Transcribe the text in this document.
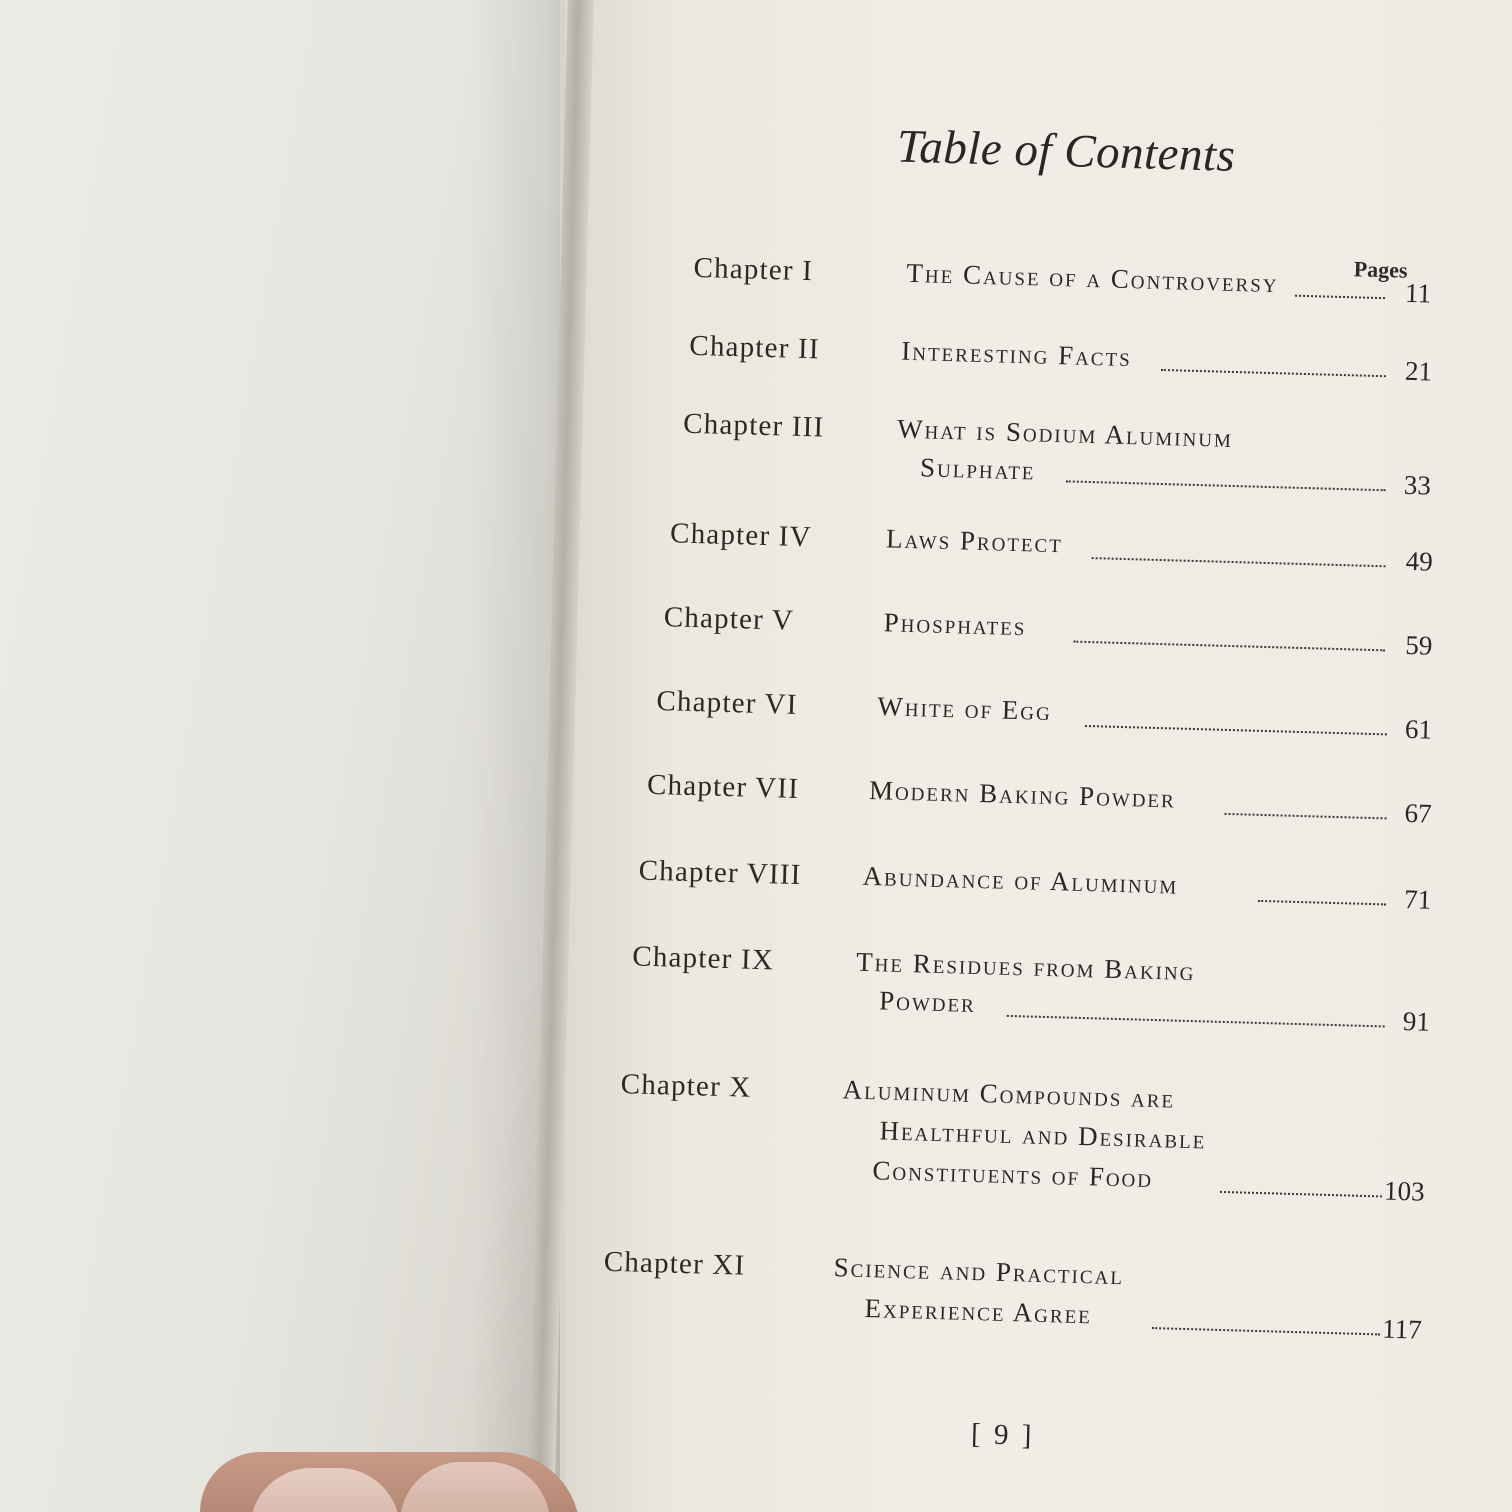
Table of Contents
Pages
Chapter I	The Cause of a Controversy	11
Chapter II	Interesting Facts	21
Chapter III	What is Sodium Aluminum
Sulphate	33
Chapter IV	Laws Protect
49
Chapter V	Phosphates
59
Chapter VI	White of Egg
61
Chapter VII	Modern Baking Powder	67
Chapter VIII Abundance of Aluminum	71
Chapter IX	The Residues from Baking
Powder
91
Chapter X	Aluminum Compounds are
Healthful and Desirable
Constituents of Food	103
Chapter XI	Science and Practical
Experience Agree	117
[ 9 ]
